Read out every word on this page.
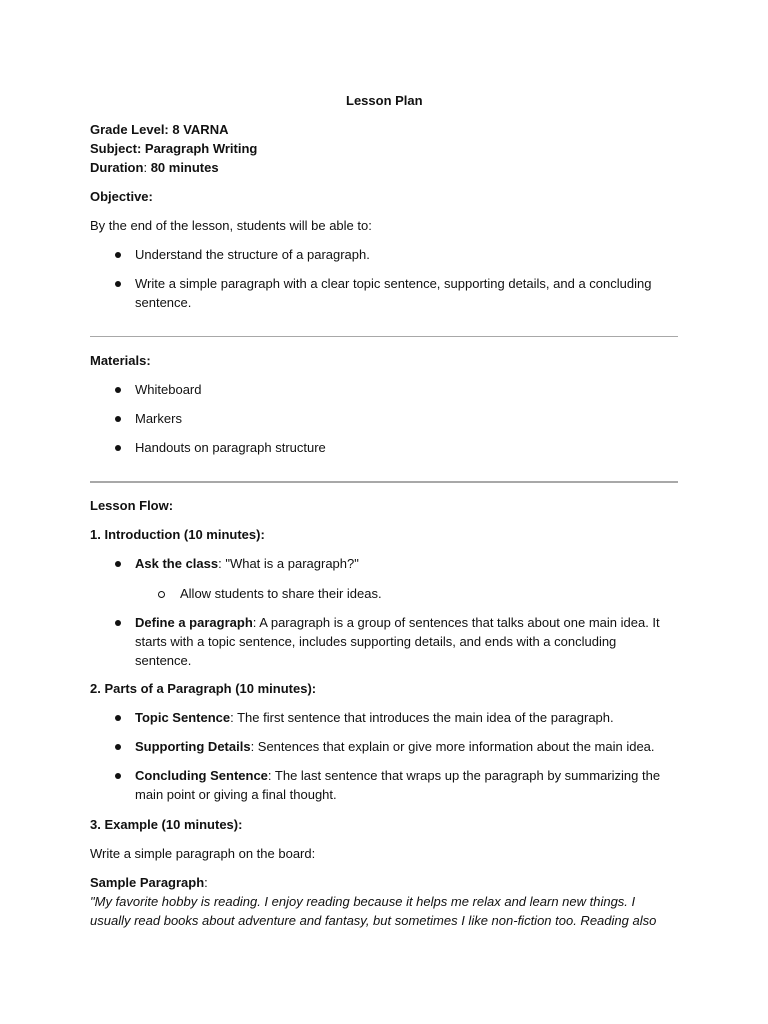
Lesson Plan
Grade Level: 8 VARNA
Subject: Paragraph Writing
Duration: 80 minutes
Objective:
By the end of the lesson, students will be able to:
Understand the structure of a paragraph.
Write a simple paragraph with a clear topic sentence, supporting details, and a concluding
sentence.
Materials:
Whiteboard
Markers
Handouts on paragraph structure
Lesson Flow:
1. Introduction (10 minutes):
Ask the class: "What is a paragraph?"
Allow students to share their ideas.
Define a paragraph: A paragraph is a group of sentences that talks about one main idea. It
starts with a topic sentence, includes supporting details, and ends with a concluding
sentence.
2. Parts of a Paragraph (10 minutes):
Topic Sentence: The first sentence that introduces the main idea of the paragraph.
Supporting Details: Sentences that explain or give more information about the main idea.
Concluding Sentence: The last sentence that wraps up the paragraph by summarizing the
main point or giving a final thought.
3. Example (10 minutes):
Write a simple paragraph on the board:
Sample Paragraph:
"My favorite hobby is reading. I enjoy reading because it helps me relax and learn new things. I
usually read books about adventure and fantasy, but sometimes I like non-fiction too. Reading also
